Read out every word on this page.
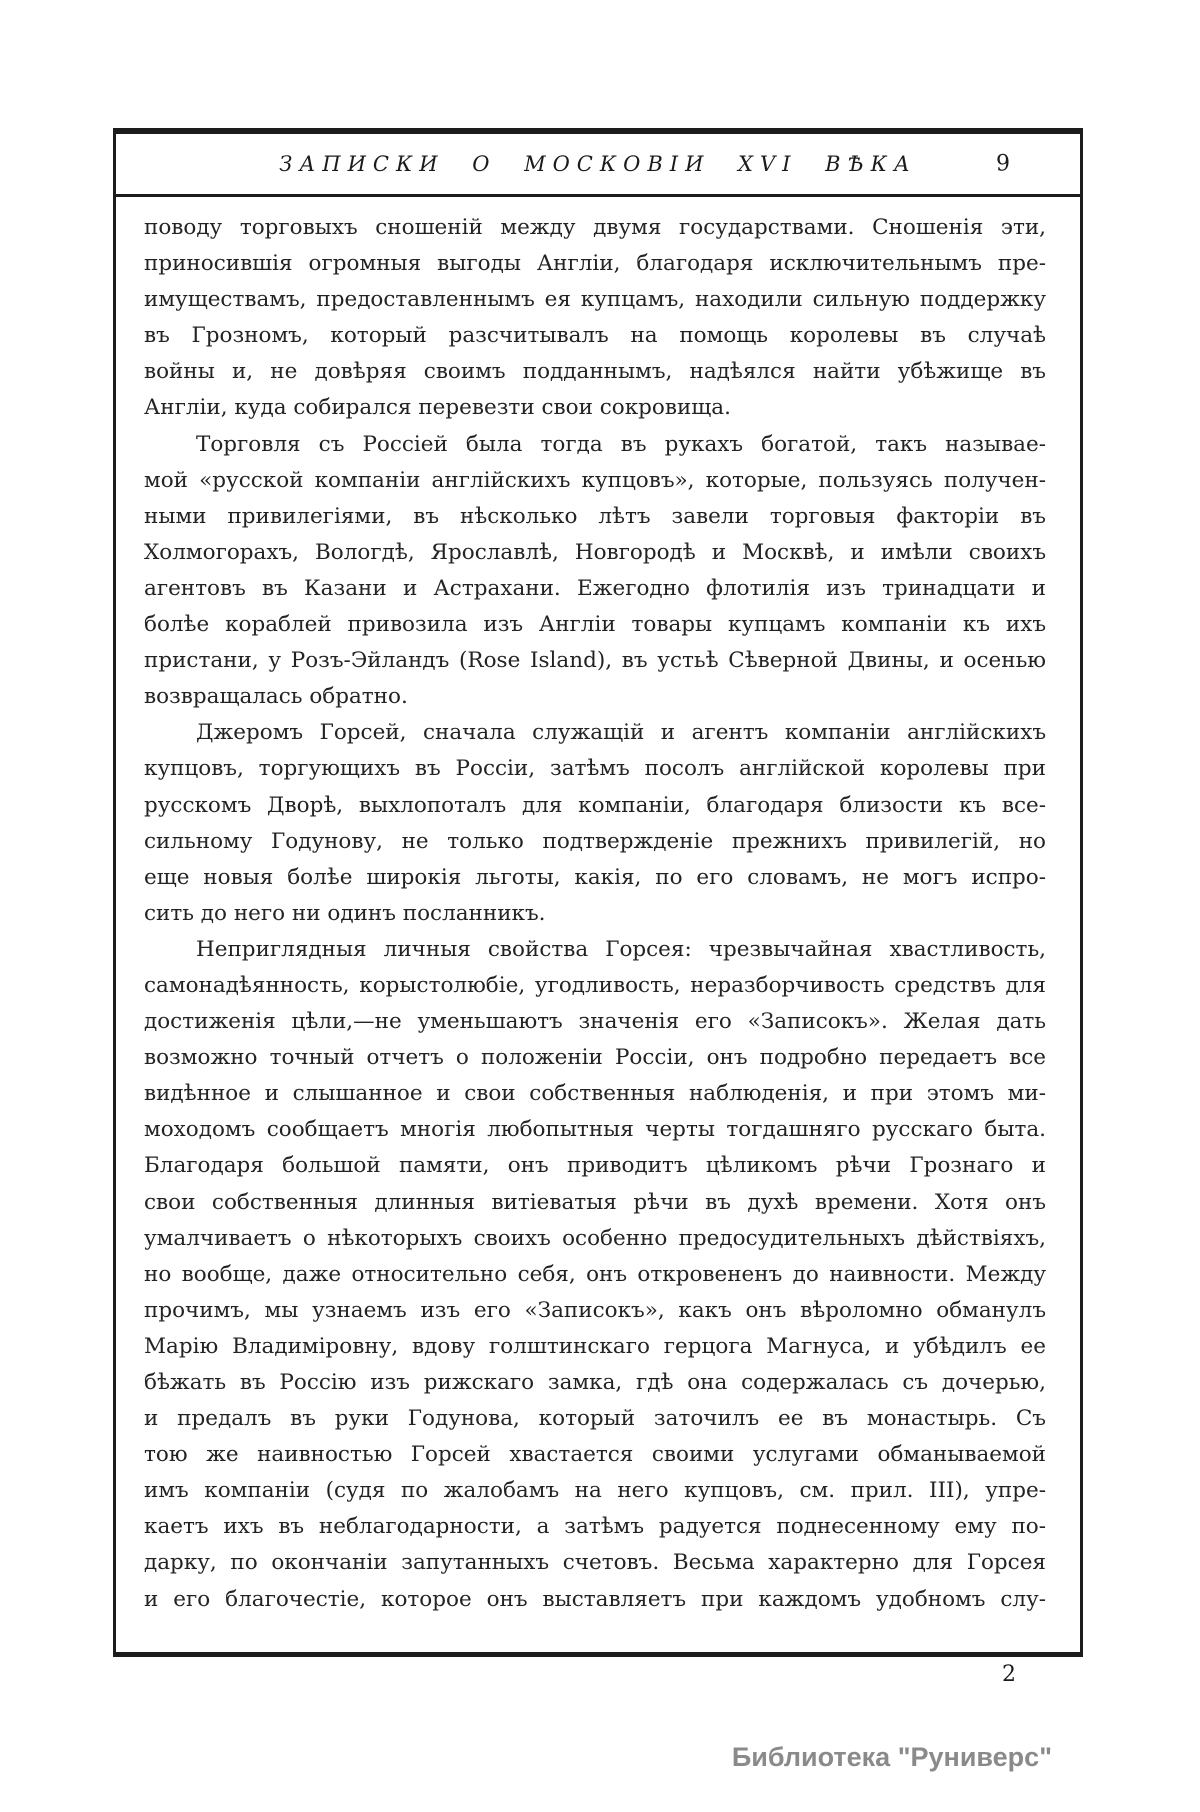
ЗАПИСКИ О МОСКОВІИ XVI ВѢКА	9
поводу торговыхъ сношеній между двумя государствами. Сношенія эти,
приносившія огромныя выгоды Англіи, благодаря исключительнымъ пре-
имуществамъ, предоставленнымъ ея купцамъ, находили сильную поддержку
въ Грозномъ, который разсчитывалъ на помощь королевы въ случаѣ
войны и, не довѣряя своимъ подданнымъ, надѣялся найти убѣжище въ
Англіи, куда собирался перевезти свои сокровища.
Торговля съ Россіей была тогда въ рукахъ богатой, такъ называе-
мой «русской компаніи англійскихъ купцовъ», которые, пользуясь получен-
ными привилегіями, въ нѣсколько лѣтъ завели торговыя факторіи въ
Холмогорахъ, Вологдѣ, Ярославлѣ, Новгородѣ и Москвѣ, и имѣли своихъ
агентовъ въ Казани и Астрахани. Ежегодно флотилія изъ тринадцати и
болѣе кораблей привозила изъ Англіи товары купцамъ компаніи къ ихъ
пристани, у Розъ-Эйландъ (Rose Island), въ устьѣ Сѣверной Двины, и осенью
возвращалась обратно.
Джеромъ Горсей, сначала служащій и агентъ компаніи англійскихъ
купцовъ, торгующихъ въ Россіи, затѣмъ посолъ англійской королевы при
русскомъ Дворѣ, выхлопоталъ для компаніи, благодаря близости къ все-
сильному Годунову, не только подтвержденіе прежнихъ привилегій, но
еще новыя болѣе широкія льготы, какія, по его словамъ, не могъ испро-
сить до него ни одинъ посланникъ.
Неприглядныя личныя свойства Горсея: чрезвычайная хвастливость,
самонадѣянность, корыстолюбіе, угодливость, неразборчивость средствъ для
достиженія цѣли,—не уменьшаютъ значенія его «Записокъ». Желая дать
возможно точный отчетъ о положеніи Россіи, онъ подробно передаетъ все
видѣнное и слышанное и свои собственныя наблюденія, и при этомъ ми-
моходомъ сообщаетъ многія любопытныя черты тогдашняго русскаго быта.
Благодаря большой памяти, онъ приводитъ цѣликомъ рѣчи Грознаго и
свои собственныя длинныя витіеватыя рѣчи въ духѣ времени. Хотя онъ
умалчиваетъ о нѣкоторыхъ своихъ особенно предосудительныхъ дѣйствіяхъ,
но вообще, даже относительно себя, онъ откровененъ до наивности. Между
прочимъ, мы узнаемъ изъ его «Записокъ», какъ онъ вѣроломно обманулъ
Марію Владиміровну, вдову голштинскаго герцога Магнуса, и убѣдилъ ее
бѣжать въ Россію изъ рижскаго замка, гдѣ она содержалась съ дочерью,
и предалъ въ руки Годунова, который заточилъ ее въ монастырь. Съ
тою же наивностью Горсей хвастается своими услугами обманываемой
имъ компаніи (судя по жалобамъ на него купцовъ, см. прил. III), упре-
каетъ ихъ въ неблагодарности, а затѣмъ радуется поднесенному ему по-
дарку, по окончаніи запутанныхъ счетовъ. Весьма характерно для Горсея
и его благочестіе, которое онъ выставляетъ при каждомъ удобномъ слу-
2
Библиотека "Руниверс"
